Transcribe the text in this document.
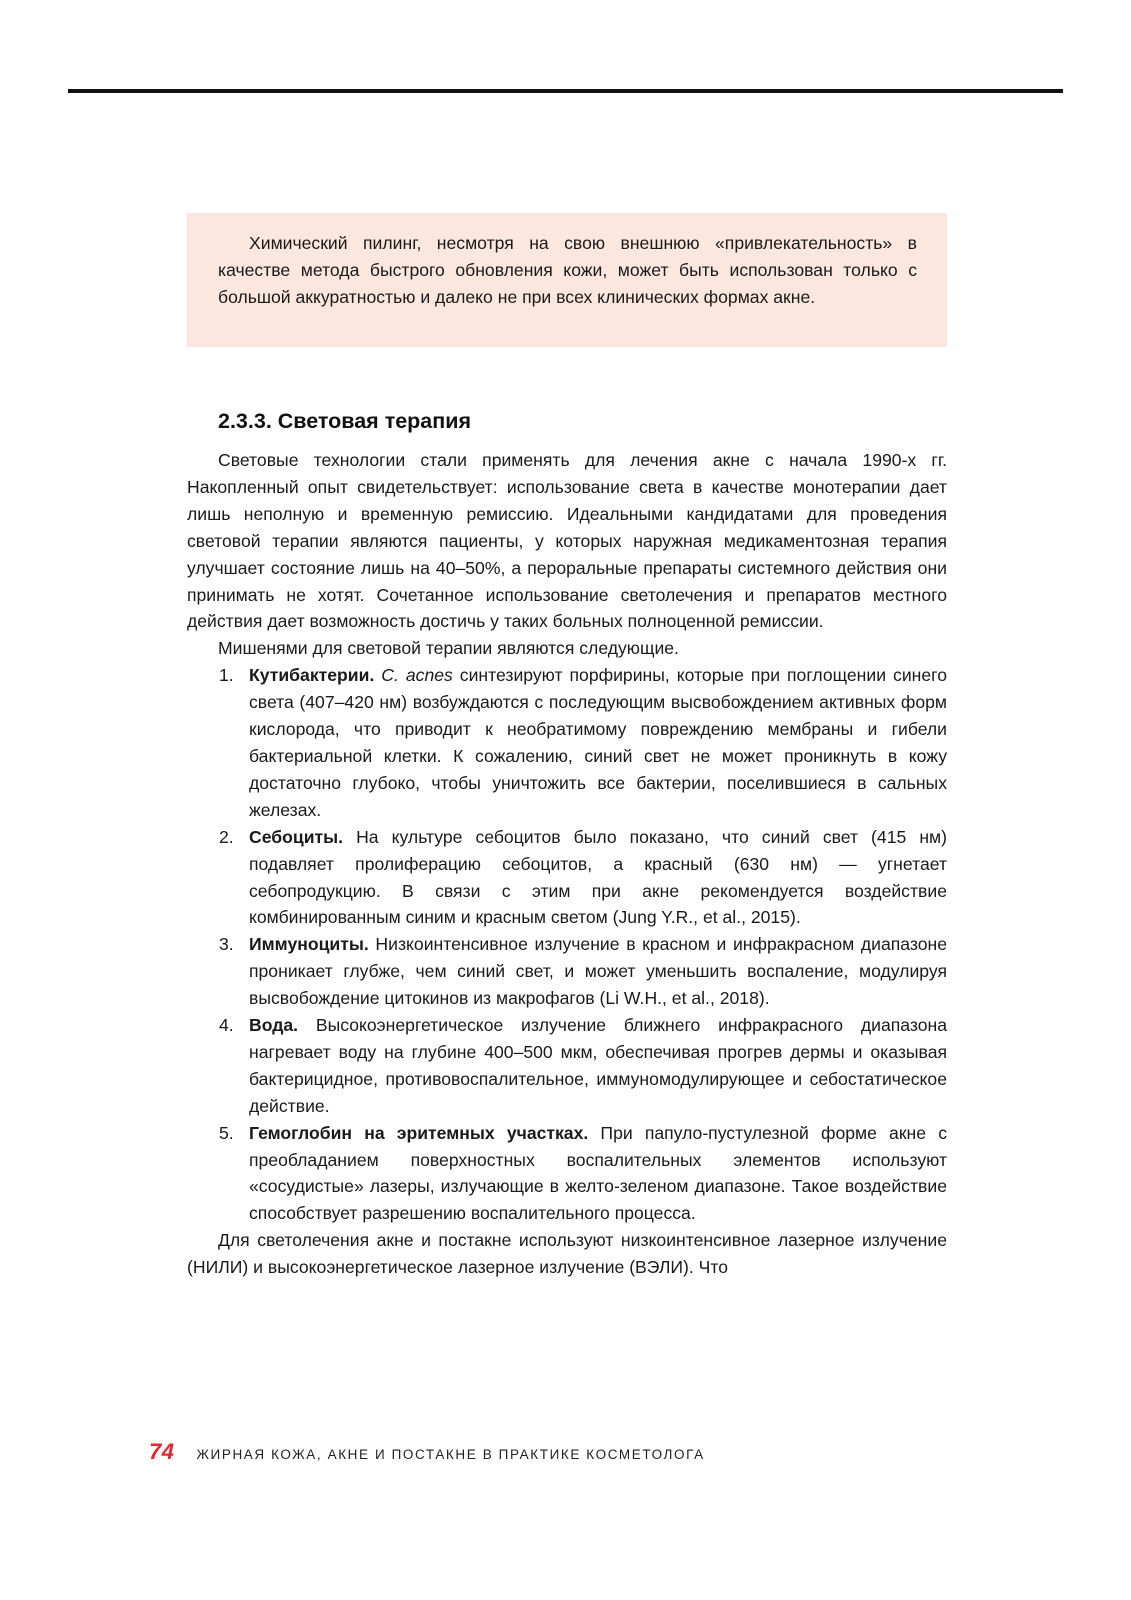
Химический пилинг, несмотря на свою внешнюю «привлекательность» в качестве метода быстрого обновления кожи, может быть использован только с большой аккуратностью и далеко не при всех клинических формах акне.

2.3.3. Световая терапия

Световые технологии стали применять для лечения акне с начала 1990-х гг. Накопленный опыт свидетельствует: использование света в качестве монотерапии дает лишь неполную и временную ремиссию. Идеальными кандидатами для проведения световой терапии являются пациенты, у которых наружная медикаментозная терапия улучшает состояние лишь на 40–50%, а пероральные препараты системного действия они принимать не хотят. Сочетанное использование светолечения и препаратов местного действия дает возможность достичь у таких больных полноценной ремиссии.

Мишенями для световой терапии являются следующие.

1. Кутибактерии. C. acnes синтезируют порфирины, которые при поглощении синего света (407–420 нм) возбуждаются с последующим высвобождением активных форм кислорода, что приводит к необратимому повреждению мембраны и гибели бактериальной клетки. К сожалению, синий свет не может проникнуть в кожу достаточно глубоко, чтобы уничтожить все бактерии, поселившиеся в сальных железах.
2. Себоциты. На культуре себоцитов было показано, что синий свет (415 нм) подавляет пролиферацию себоцитов, а красный (630 нм) — угнетает себопродукцию. В связи с этим при акне рекомендуется воздействие комбинированным синим и красным светом (Jung Y.R., et al., 2015).
3. Иммуноциты. Низкоинтенсивное излучение в красном и инфракрасном диапазоне проникает глубже, чем синий свет, и может уменьшить воспаление, модулируя высвобождение цитокинов из макрофагов (Li W.H., et al., 2018).
4. Вода. Высокоэнергетическое излучение ближнего инфракрасного диапазона нагревает воду на глубине 400–500 мкм, обеспечивая прогрев дермы и оказывая бактерицидное, противовоспалительное, иммуномодулирующее и себостатическое действие.
5. Гемоглобин на эритемных участках. При папуло-пустулезной форме акне с преобладанием поверхностных воспалительных элементов используют «сосудистые» лазеры, излучающие в желто-зеленом диапазоне. Такое воздействие способствует разрешению воспалительного процесса.

Для светолечения акне и постакне используют низкоинтенсивное лазерное излучение (НИЛИ) и высокоэнергетическое лазерное излучение (ВЭЛИ). Что

74 ЖИРНАЯ КОЖА, АКНЕ И ПОСТАКНЕ В ПРАКТИКЕ КОСМЕТОЛОГА
